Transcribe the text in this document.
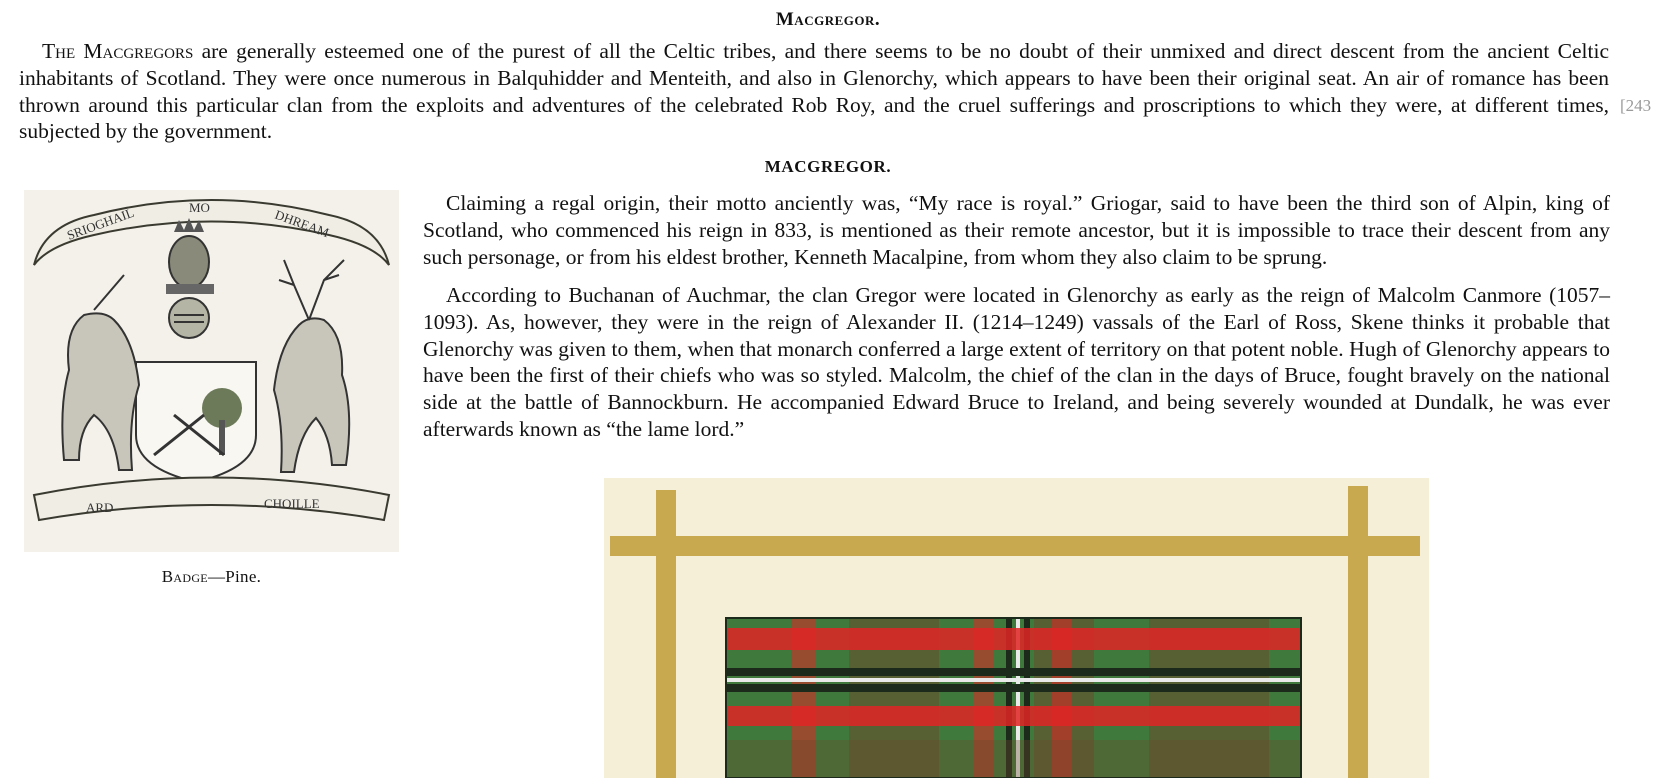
Macgregor.

The Macgregors are generally esteemed one of the purest of all the Celtic tribes, and there seems to be no doubt of their unmixed and direct descent from the ancient Celtic inhabitants of Scotland. They were once numerous in Balquhidder and Menteith, and also in Glenorchy, which appears to have been their original seat. An air of romance has been thrown around this particular clan from the exploits and adventures of the celebrated Rob Roy, and the cruel sufferings and proscriptions to which they were, at different times, subjected by the government.

[243
MACGREGOR.
SRIOGHAIL	MO	DHREAM
ARD	CHOILLE
Badge—Pine.

Claiming a regal origin, their motto anciently was, “My race is royal.” Griogar, said to have been the third son of Alpin, king of Scotland, who commenced his reign in 833, is mentioned as their remote ancestor, but it is impossible to trace their descent from any such personage, or from his eldest brother, Kenneth Macalpine, from whom they also claim to be sprung.

According to Buchanan of Auchmar, the clan Gregor were located in Glenorchy as early as the reign of Malcolm Canmore (1057–1093). As, however, they were in the reign of Alexander II. (1214–1249) vassals of the Earl of Ross, Skene thinks it probable that Glenorchy was given to them, when that monarch conferred a large extent of territory on that potent noble. Hugh of Glenorchy appears to have been the first of their chiefs who was so styled. Malcolm, the chief of the clan in the days of Bruce, fought bravely on the national side at the battle of Bannockburn. He accompanied Edward Bruce to Ireland, and being severely wounded at Dundalk, he was ever afterwards known as “the lame lord.”
